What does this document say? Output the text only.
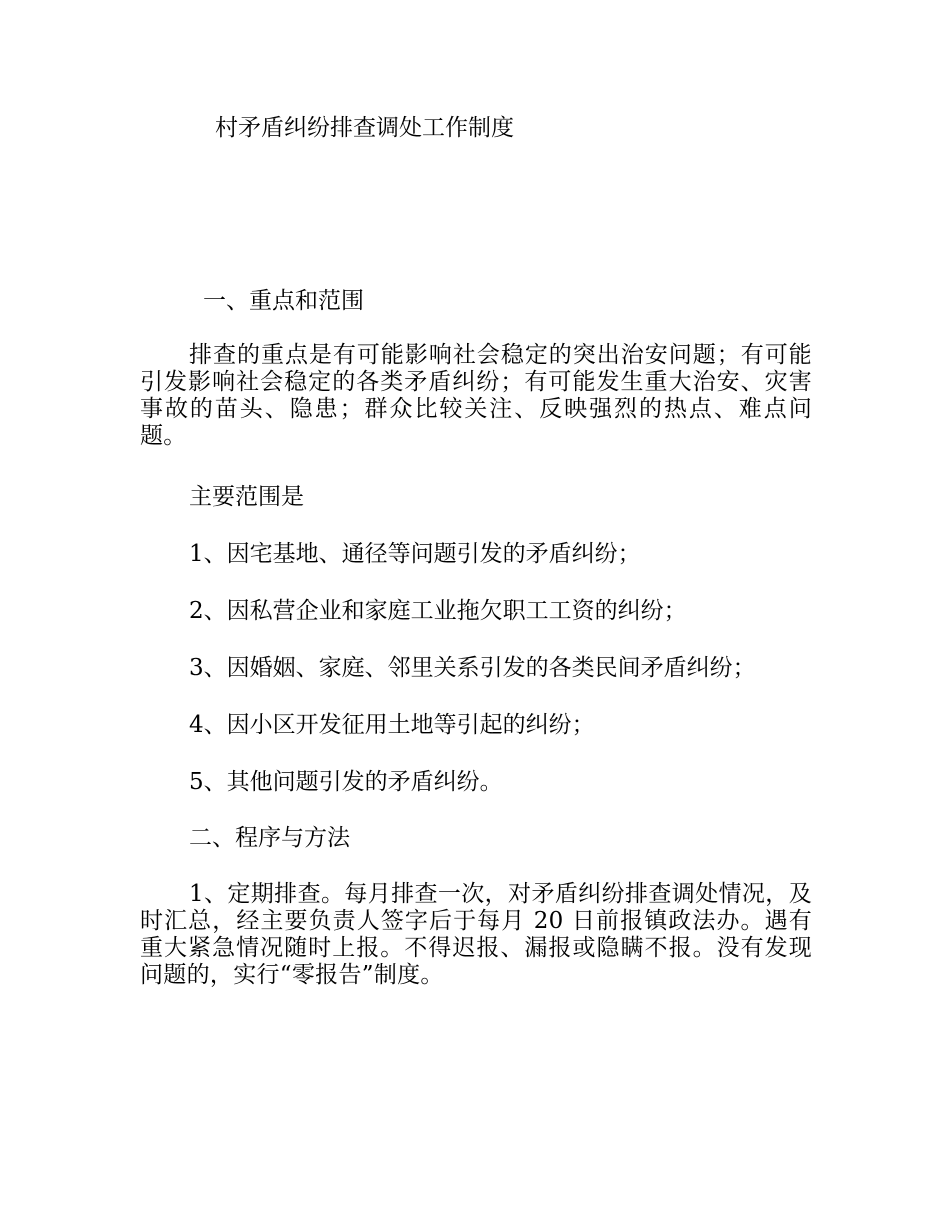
村矛盾纠纷排查调处工作制度
一、重点和范围
排查的重点是有可能影响社会稳定的突出治安问题；有可能引发影响社会稳定的各类矛盾纠纷；有可能发生重大治安、灾害事故的苗头、隐患；群众比较关注、反映强烈的热点、难点问题。
主要范围是
1、因宅基地、通径等问题引发的矛盾纠纷；
2、因私营企业和家庭工业拖欠职工工资的纠纷；
3、因婚姻、家庭、邻里关系引发的各类民间矛盾纠纷；
4、因小区开发征用土地等引起的纠纷；
5、其他问题引发的矛盾纠纷。
二、程序与方法
1、定期排查。每月排查一次，对矛盾纠纷排查调处情况，及时汇总，经主要负责人签字后于每月 20 日前报镇政法办。遇有重大紧急情况随时上报。不得迟报、漏报或隐瞒不报。没有发现问题的，实行“零报告”制度。
